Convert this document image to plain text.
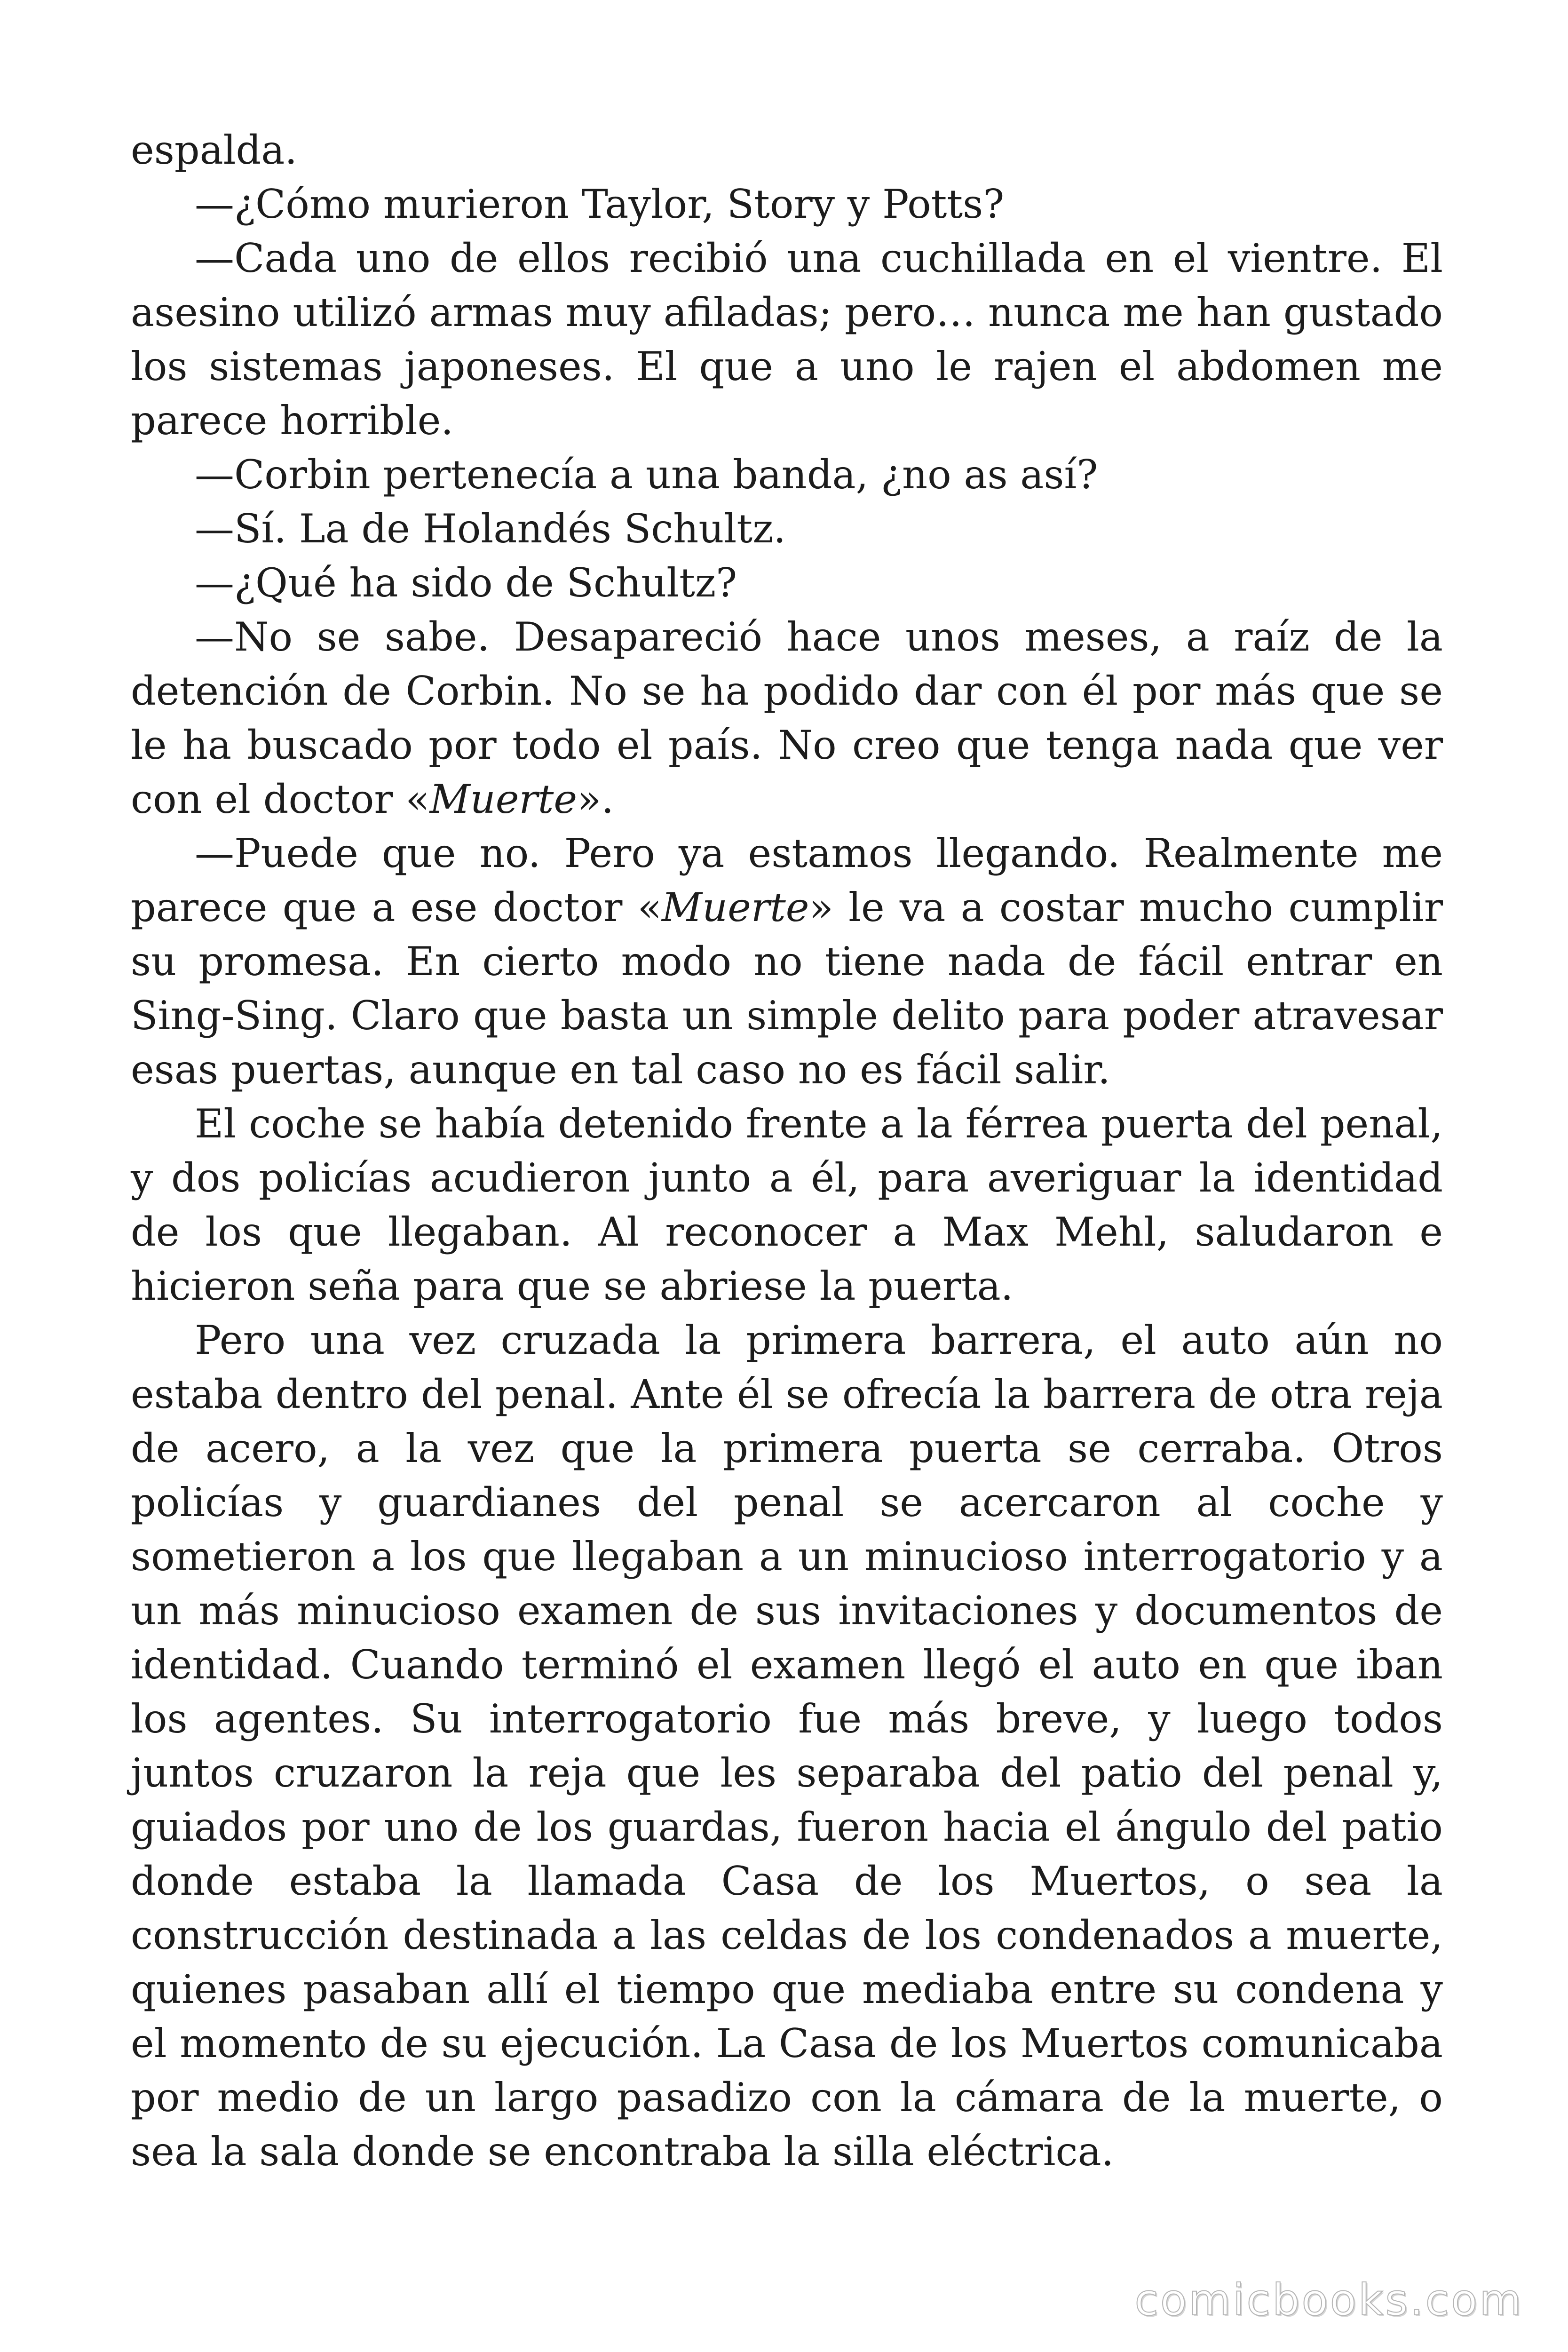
espalda.

—¿Cómo murieron Taylor, Story y Potts?

—Cada uno de ellos recibió una cuchillada en el vientre. El asesino utilizó armas muy afiladas; pero… nunca me han gustado los sistemas japoneses. El que a uno le rajen el abdomen me parece horrible.

—Corbin pertenecía a una banda, ¿no as así?

—Sí. La de Holandés Schultz.

—¿Qué ha sido de Schultz?

—No se sabe. Desapareció hace unos meses, a raíz de la detención de Corbin. No se ha podido dar con él por más que se le ha buscado por todo el país. No creo que tenga nada que ver con el doctor «Muerte».

—Puede que no. Pero ya estamos llegando. Realmente me parece que a ese doctor «Muerte» le va a costar mucho cumplir su promesa. En cierto modo no tiene nada de fácil entrar en Sing-Sing. Claro que basta un simple delito para poder atravesar esas puertas, aunque en tal caso no es fácil salir.

El coche se había detenido frente a la férrea puerta del penal, y dos policías acudieron junto a él, para averiguar la identidad de los que llegaban. Al reconocer a Max Mehl, saludaron e hicieron seña para que se abriese la puerta.

Pero una vez cruzada la primera barrera, el auto aún no estaba dentro del penal. Ante él se ofrecía la barrera de otra reja de acero, a la vez que la primera puerta se cerraba. Otros policías y guardianes del penal se acercaron al coche y sometieron a los que llegaban a un minucioso interrogatorio y a un más minucioso examen de sus invitaciones y documentos de identidad. Cuando terminó el examen llegó el auto en que iban los agentes. Su interrogatorio fue más breve, y luego todos juntos cruzaron la reja que les separaba del patio del penal y, guiados por uno de los guardas, fueron hacia el ángulo del patio donde estaba la llamada Casa de los Muertos, o sea la construcción destinada a las celdas de los condenados a muerte, quienes pasaban allí el tiempo que mediaba entre su condena y el momento de su ejecución. La Casa de los Muertos comunicaba por medio de un largo pasadizo con la cámara de la muerte, o sea la sala donde se encontraba la silla eléctrica.

comicbooks.com
